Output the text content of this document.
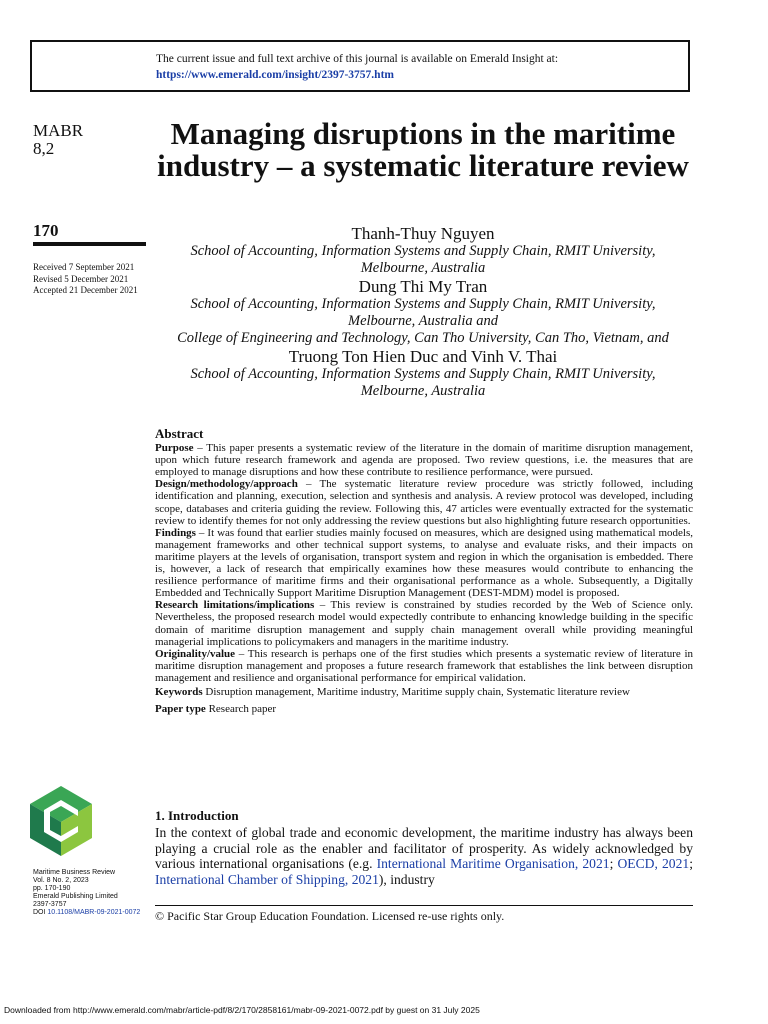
The current issue and full text archive of this journal is available on Emerald Insight at:
https://www.emerald.com/insight/2397-3757.htm
MABR
8,2	Managing disruptions in the maritime industry – a systematic literature review
170
Received 7 September 2021
Revised 5 December 2021
Accepted 21 December 2021
Thanh-Thuy Nguyen
School of Accounting, Information Systems and Supply Chain, RMIT University,
Melbourne, Australia
Dung Thi My Tran
School of Accounting, Information Systems and Supply Chain, RMIT University,
Melbourne, Australia and
College of Engineering and Technology, Can Tho University, Can Tho, Vietnam, and
Truong Ton Hien Duc and Vinh V. Thai
School of Accounting, Information Systems and Supply Chain, RMIT University,
Melbourne, Australia
Abstract

Purpose – This paper presents a systematic review of the literature in the domain of maritime disruption management, upon which future research framework and agenda are proposed. Two review questions, i.e. the measures that are employed to manage disruptions and how these contribute to resilience performance, were pursued.

Design/methodology/approach – The systematic literature review procedure was strictly followed, including identification and planning, execution, selection and synthesis and analysis. A review protocol was developed, including scope, databases and criteria guiding the review. Following this, 47 articles were eventually extracted for the systematic review to identify themes for not only addressing the review questions but also highlighting future research opportunities.

Findings – It was found that earlier studies mainly focused on measures, which are designed using mathematical models, management frameworks and other technical support systems, to analyse and evaluate risks, and their impacts on maritime players at the levels of organisation, transport system and region in which the organisation is embedded. There is, however, a lack of research that empirically examines how these measures would contribute to enhancing the resilience performance of maritime firms and their organisational performance as a whole. Subsequently, a Digitally Embedded and Technically Support Maritime Disruption Management (DEST-MDM) model is proposed.

Research limitations/implications – This review is constrained by studies recorded by the Web of Science only. Nevertheless, the proposed research model would expectedly contribute to enhancing knowledge building in the specific domain of maritime disruption management and supply chain management overall while providing meaningful managerial implications to policymakers and managers in the maritime industry.

Originality/value – This research is perhaps one of the first studies which presents a systematic review of literature in maritime disruption management and proposes a future research framework that establishes the link between disruption management and resilience and organisational performance for empirical validation.

Keywords Disruption management, Maritime industry, Maritime supply chain, Systematic literature review

Paper type Research paper

Maritime Business Review
Vol. 8 No. 2, 2023
pp. 170-190
Emerald Publishing Limited
2397-3757
DOI 10.1108/MABR-09-2021-0072
1. Introduction

In the context of global trade and economic development, the maritime industry has always been playing a crucial role as the enabler and facilitator of prosperity. As widely acknowledged by various international organisations (e.g. International Maritime Organisation, 2021; OECD, 2021; International Chamber of Shipping, 2021), industry

© Pacific Star Group Education Foundation. Licensed re-use rights only.
Downloaded from http://www.emerald.com/mabr/article-pdf/8/2/170/2858161/mabr-09-2021-0072.pdf by guest on 31 July 2025
